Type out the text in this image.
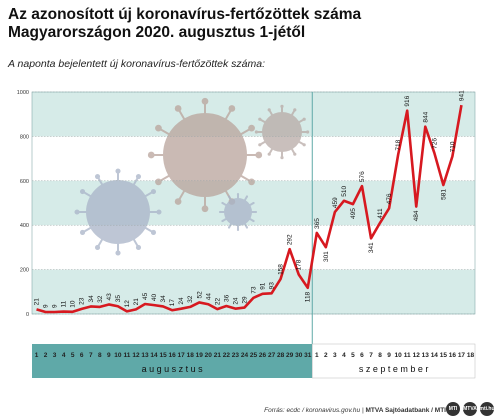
Az azonosított új koronavírus-fertőzöttek száma
Magyarországon 2020. augusztus 1-jétől
A naponta bejelentett új koronavírus-fertőzöttek száma:
0
200
400
600
800
1000
1 2 3 4 5 6 7 8 9 10 11 12 13 14 15 16 17 18 19 20 21 22 23 24 25 26 27 28 29 30 31 1 2 3 4 5 6 7 8 9 10 11 12 13 14 15 16 17 18
a u g u s z t u s	s z e p t e m b e r
21
9 9 11 10 23 34 32 43 35
12 21
45 40 34
17 24 32
52 44
22 36 24 29
73
91 93
158
292
178
118
365
301
459
510
495
576
341
411
476
718
916
484
844
726
581
710
941
Forrás: ecdc / koronavirus.gov.hu | MTVA Sajtóadatbank / MTI MTI	MTVA mti.hu
